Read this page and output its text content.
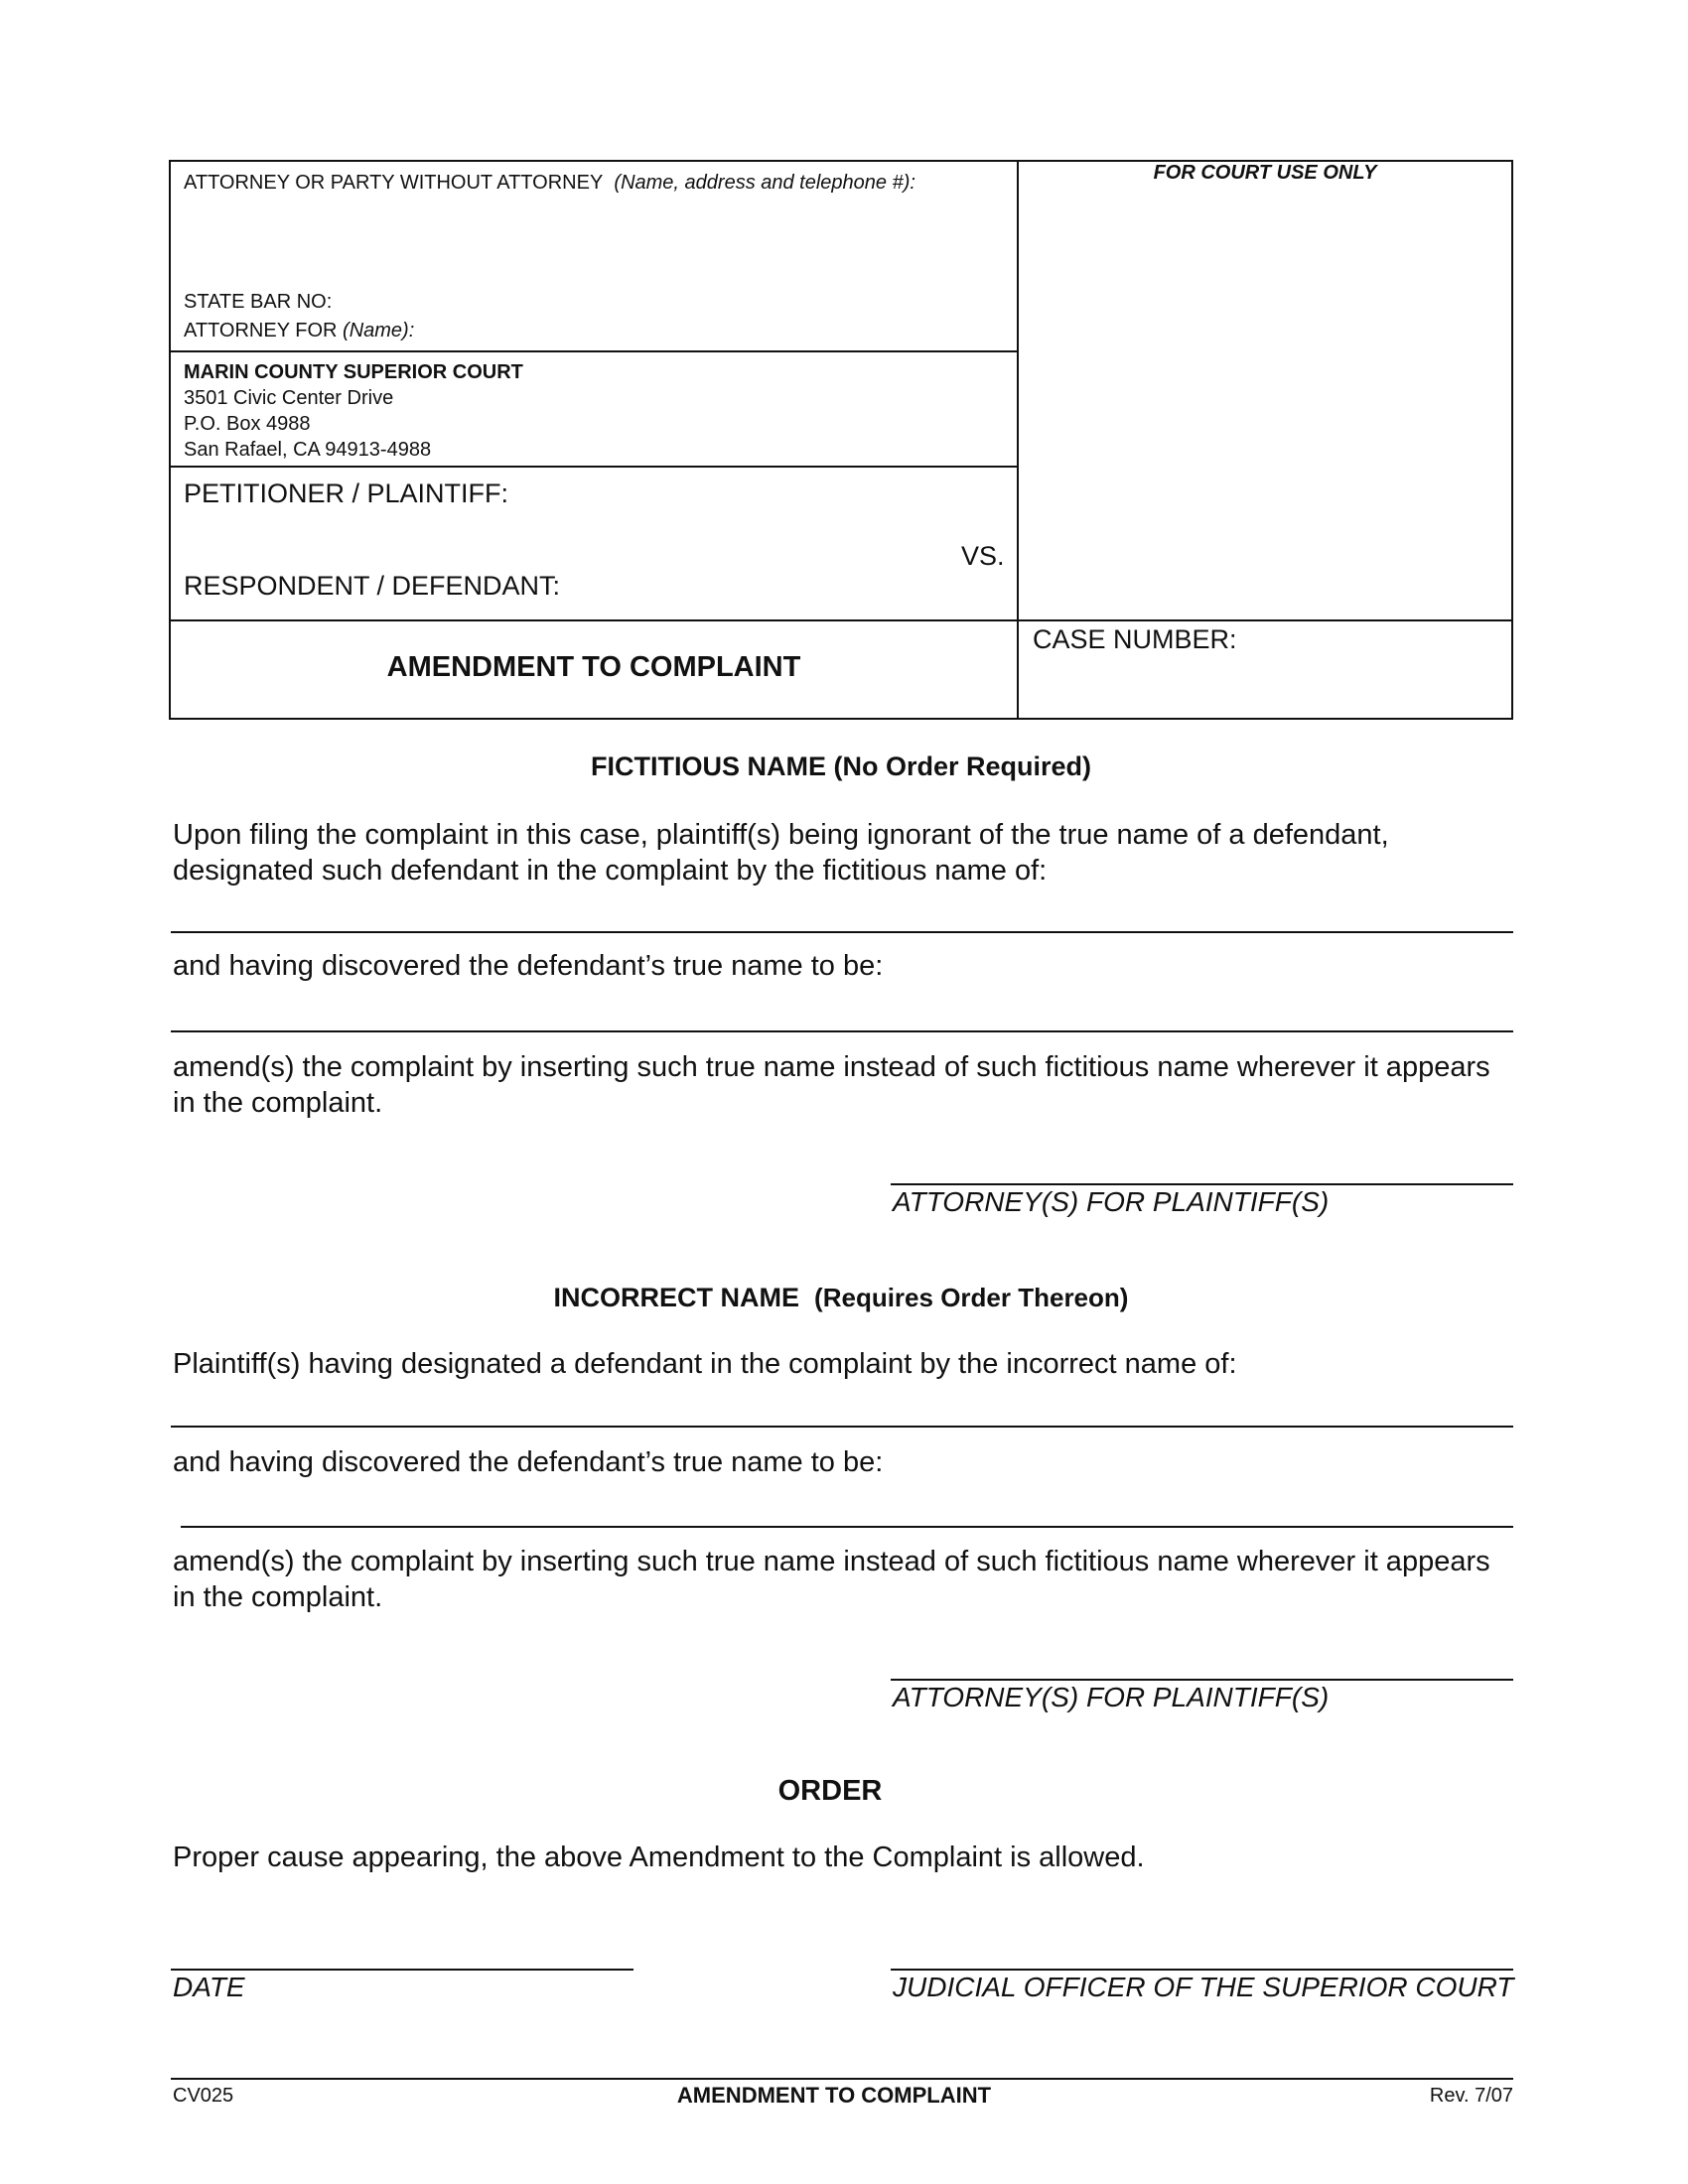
ATTORNEY OR PARTY WITHOUT ATTORNEY (Name, address and telephone #):	FOR COURT USE ONLY
STATE BAR NO:
ATTORNEY FOR (Name):
MARIN COUNTY SUPERIOR COURT
3501 Civic Center Drive
P.O. Box 4988
San Rafael, CA 94913-4988
PETITIONER / PLAINTIFF:
VS.
RESPONDENT / DEFENDANT:
AMENDMENT TO COMPLAINT
CASE NUMBER:
FICTITIOUS NAME (No Order Required)
Upon filing the complaint in this case, plaintiff(s) being ignorant of the true name of a defendant, designated such defendant in the complaint by the fictitious name of:
and having discovered the defendant’s true name to be:
amend(s) the complaint by inserting such true name instead of such fictitious name wherever it appears in the complaint.
ATTORNEY(S) FOR PLAINTIFF(S)
INCORRECT NAME (Requires Order Thereon)
Plaintiff(s) having designated a defendant in the complaint by the incorrect name of:
and having discovered the defendant’s true name to be:
amend(s) the complaint by inserting such true name instead of such fictitious name wherever it appears in the complaint.
ATTORNEY(S) FOR PLAINTIFF(S)
ORDER
Proper cause appearing, the above Amendment to the Complaint is allowed.
DATE	JUDICIAL OFFICER OF THE SUPERIOR COURT
CV025	AMENDMENT TO COMPLAINT	Rev. 7/07
